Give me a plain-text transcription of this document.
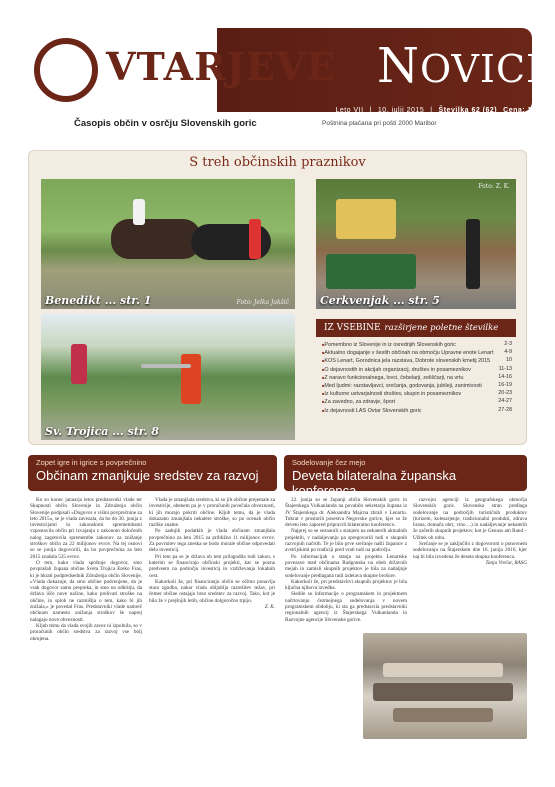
VTARJEVE NOVICE
Leto VII | 10. julij 2015 | Številka 62 (62) Cena: 1,70 €
Časopis občin v osrčju Slovenskih goric	Poštnina plačana pri pošti 2000 Maribor
S treh občinskih praznikov
Benedikt ... str. 1	Foto: Jelka Jakšič	Cerkvenjak ... str. 5
Foto: Z. K.
Sv. Trojica ... str. 8
IZ VSEBINE razširjene poletne številke
■ Pomembno iz Slovenije in iz osrednjih Slovenskih goric	2-3
■ Aktualno dogajanje v šestih občinah na območju Upravne enote Lenart 4-9
■ KOS Lenart, Gorodnica jela razstava, Dobrote slovenskih kmetij 2015	10
■ O dejavnostih in akcijah organizacij, društev in posameznikov	11-13
■ Z naravo funkcionalnega, lovci, čebelarji, zeliščarji, na vrtu	14-16
■ Med ljudmi: razstavljavci, srečanja, godovanja, jubileji, zanimivosti	16-19
■ Iz kulturne ustvarjalnosti društev, skupin in posameznikov	20-23
■ Za zavedno, za zdravje, šport	24-27
■ Iz dejavnosti LAS Ovtar Slovenskih goric	27-28
Zopet igre in igrice s povprečnino
Občinam zmanjkuje sredstev za razvoj
Sodelovanje čez mejo
Deveta bilateralna županska konferenca

Ko so konec januarja letos predstavniki vlade ter Skupnosti občin Slovenije in Združenja občin Slovenije podpisali »Dogovor o višini povprečnine za leto 2015«, se je vlada zavezala, da bo do 30. junija z investicijami in zakonskimi spremembami vzpostavila občin pri izvajanju z zakonom določenih nalog zagotovila spremembe zakonov za znižanje stroškov občin za 22 milijonov evrov. Na tej osnovi so se junija dogovorili, da bo povprečnina za leto 2015 znašala 525 evrov.

O tem, kako vlada spoštuje dogovor, smo povprašali župana občine Sveta Trojica Ereko Fras, ki je hkrati podpredsednik Združenja občin Slovenije. »Vlada dokazuje, da smo občine podcenjene, da je vsak dogovor samo prepreka, in smo na odkritju, da država išče nove načine, kako prelivati stroške na občine, in sploh ne razmišlja o tem, kako bi jih znižala,« je povedal Fras. Predstavniki vlade namreč občinam namesto znižanja stroškov še naprej nalagajo nove obveznosti.

Kljub temu da vlada svojih zavez ni izpolnila, so v proračunih občin sredstva za razvoj vse bolj okrnjena.

Vlada je zmanjšala sredstva, ki so jih občine prejemale za investicije, obenem pa je v proračunih povečala obveznosti, ki jih morajo pokriti občine. Kljub temu, da je vlada dokazano zmanjšala nekatere stroške, so po ocenah občin razlike znatne.

Po zadnjih podatkih je vlada občinam zmanjšala povprečnino za leto 2015 za približno 11 milijonov evrov. Za povrnitev tega zneska se bodo morale občine odpovedati delu investicij.

Pri tem pa se je država ob tem prilagodila tudi zakon, s katerim se financirajo občinski projekti, kar se pozna predvsem na področju investicij in vzdrževanja lokalnih cest.

Kakorkoli že, pri financiranju občin se očitno ponavlja stara zgodba, nakar vlada obljublja razrešitev težav, pri čemer občine ostajajo brez sredstev za razvoj. Tako, kot je bilo že v prejšnjih letih, občine dolgoročno trpijo.

Z. K.

22. junija so se županji občin Slovenskih goric in Štajerskega Vulkanlanda na povabilo sekretarja župana iz JV Štajerskega dr. Aleksandra Majcna zbrali v Lenartu. Tokrat v prostorih posestva Negovske gorice, kjer so že deveto leto zapored pripravili bilateralno konferenco.

Najprej so se seznanili s stanjem na nekaterih aktualnih projektih, v nadaljevanju pa spregovorili tudi o skupnih razvojnih načrtih. Te je bilo prve srečanje našli županov z avstrijskimi po tradiciji pred vrati tudi na področju.

Po informacijah o stanju na projektu Lenartske povezave med občinama Radgonska na obeh državnih mejah in zamisli skupnih projektov je bila za nadaljnje sodelovanje predlagana tudi izdelava skupne brošure.

Kakorkoli že, pri predstavitvi skupnih projektov je bila ključna njihova izvedba.

Sledile so informacije o programskem in projektnem načrtovanju čezmejnega sodelovanja v novem programskem obdobju, ki sta ga predstavila predstavniki regionalnih agencij iz Štajerskega Vulkanlanda in Razvojne agencije Slovenske gorice.

razvojni agenciji iz geografskega območja Slovenskih goric. Slovenska stran predlaga sodelovanje na področjih turističnih produktov (turizem, kolesarjenje, tradicionalni produkti, zdrava hrana, domača obrt, vino ...) in nadaljevanje nekaterih že začetih skupnih projektov, kot je Genuss am Rand – Užitek ob robu.

Srečanje se je zaključilo z dogovorom o ponovnem sodelovanju na Štajerskem dne 16. junija 2016, kjer naj bi bila izvedena že deseta skupna konferenca.

Tanja Vrečar, RASG
